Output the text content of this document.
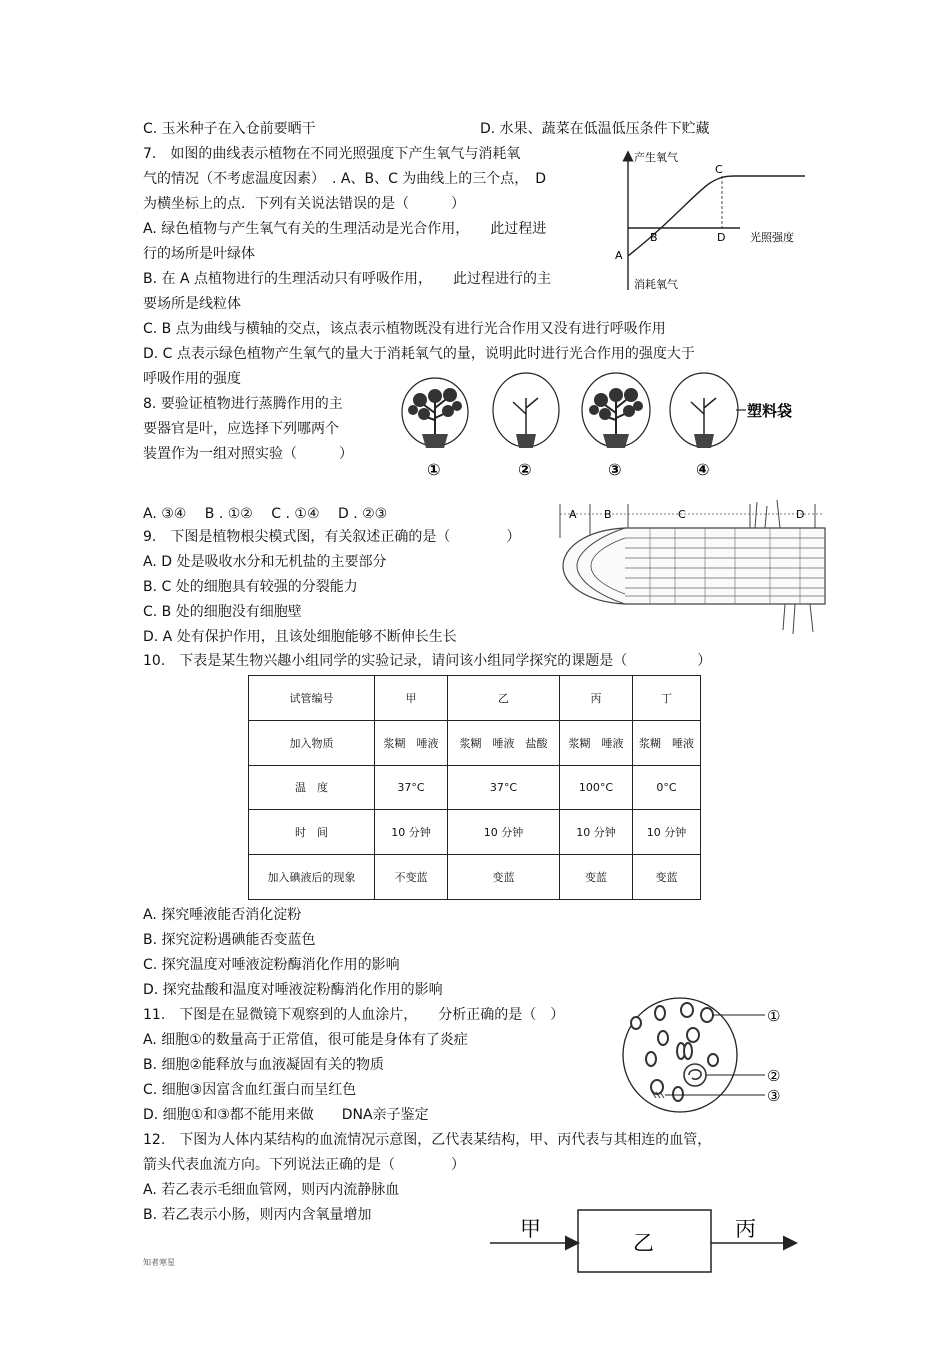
C. 玉米种子在入仓前要晒干	D. 水果、蔬菜在低温低压条件下贮藏
7.　如图的曲线表示植物在不同光照强度下产生氧气与消耗氧
气的情况（不考虑温度因素）　. A、B、C 为曲线上的三个点，　D
为横坐标上的点．下列有关说法错误的是（　　　）
A. 绿色植物与产生氧气有关的生理活动是光合作用，　　此过程进
行的场所是叶绿体
B. 在 A 点植物进行的生理活动只有呼吸作用，　　此过程进行的主
要场所是线粒体
C. B 点为曲线与横轴的交点，该点表示植物既没有进行光合作用又没有进行呼吸作用
D. C 点表示绿色植物产生氧气的量大于消耗氧气的量，说明此时进行光合作用的强度大于
呼吸作用的强度
8. 要验证植物进行蒸腾作用的主
要器官是叶，应选择下列哪两个
装置作为一组对照实验（　　　）
A. ③④　 B . ①②　 C . ①④　 D . ②③
9.　下图是植物根尖模式图，有关叙述正确的是（　　　　）
A. D 处是吸收水分和无机盐的主要部分
B. C 处的细胞具有较强的分裂能力
C. B 处的细胞没有细胞壁
D. A 处有保护作用，且该处细胞能够不断伸长生长
10.　下表是某生物兴趣小组同学的实验记录，请问该小组同学探究的课题是（　　　　　）
A. 探究唾液能否消化淀粉
B. 探究淀粉遇碘能否变蓝色
C. 探究温度对唾液淀粉酶消化作用的影响
D. 探究盐酸和温度对唾液淀粉酶消化作用的影响
11.　下图是在显微镜下观察到的人血涂片，　　分析正确的是（　）
A. 细胞①的数量高于正常值，很可能是身体有了炎症
B. 细胞②能释放与血液凝固有关的物质
C. 细胞③因富含血红蛋白而呈红色
D. 细胞①和③都不能用来做　　DNA亲子鉴定
12.　下图为人体内某结构的血流情况示意图，乙代表某结构，甲、丙代表与其相连的血管，
箭头代表血流方向。下列说法正确的是（　　　　）
A. 若乙表示毛细血管网，则丙内流静脉血
B. 若乙表示小肠，则丙内含氧量增加
产生氧气
消耗氧气
光照强度
A
B
C
D
①	②	③	④
塑料袋
A B	C	D
试管编号	甲	乙	丙	丁
加入物质	浆糊　唾液	浆糊　唾液　盐酸	浆糊　唾液	浆糊　唾液
温　度	37°C	37°C	100°C	0°C
时　间	10 分钟	10 分钟	10 分钟	10 分钟
加入碘液后的现象	不变蓝	变蓝	变蓝	变蓝
①
②
③
甲
乙
丙
知者寒星
